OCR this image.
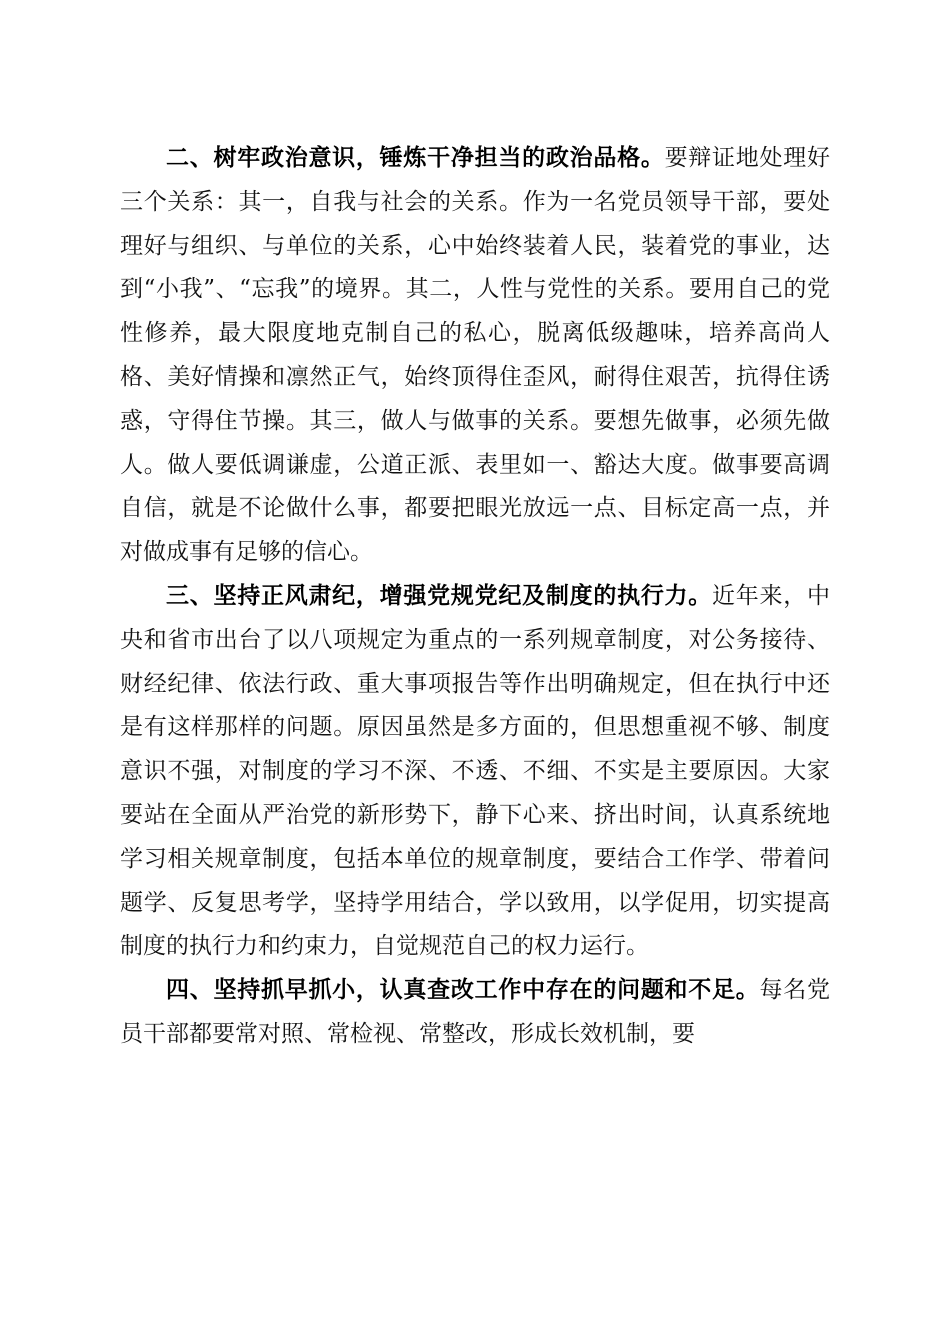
二、树牢政治意识，锤炼干净担当的政治品格。要辩证地处理好三个关系：其一，自我与社会的关系。作为一名党员领导干部，要处理好与组织、与单位的关系，心中始终装着人民，装着党的事业，达到“小我”、“忘我”的境界。其二，人性与党性的关系。要用自己的党性修养，最大限度地克制自己的私心，脱离低级趣味，培养高尚人格、美好情操和凛然正气，始终顶得住歪风，耐得住艰苦，抗得住诱惑，守得住节操。其三，做人与做事的关系。要想先做事，必须先做人。做人要低调谦虚，公道正派、表里如一、豁达大度。做事要高调自信，就是不论做什么事，都要把眼光放远一点、目标定高一点，并对做成事有足够的信心。

三、坚持正风肃纪，增强党规党纪及制度的执行力。近年来，中央和省市出台了以八项规定为重点的一系列规章制度，对公务接待、财经纪律、依法行政、重大事项报告等作出明确规定，但在执行中还是有这样那样的问题。原因虽然是多方面的，但思想重视不够、制度意识不强，对制度的学习不深、不透、不细、不实是主要原因。大家要站在全面从严治党的新形势下，静下心来、挤出时间，认真系统地学习相关规章制度，包括本单位的规章制度，要结合工作学、带着问题学、反复思考学，坚持学用结合，学以致用，以学促用，切实提高制度的执行力和约束力，自觉规范自己的权力运行。

四、坚持抓早抓小，认真查改工作中存在的问题和不足。每名党员干部都要常对照、常检视、常整改，形成长效机制，要
